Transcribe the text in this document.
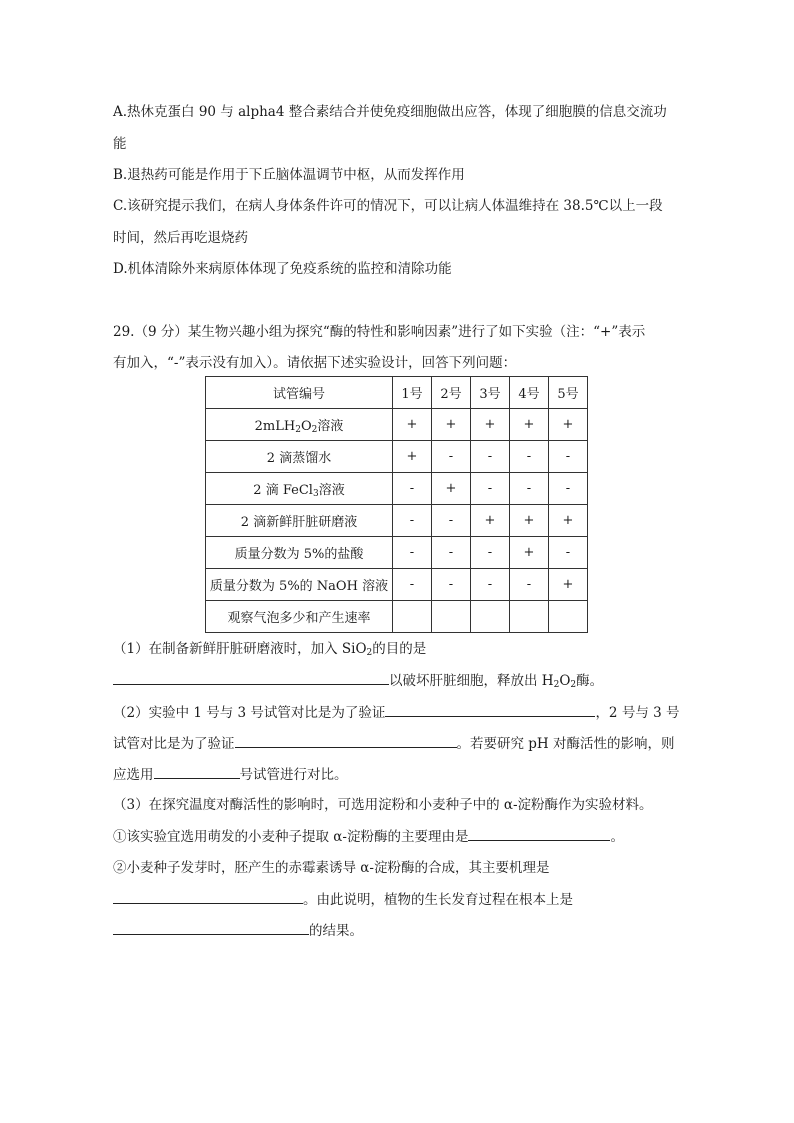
A.热休克蛋白 90 与 alpha4 整合素结合并使免疫细胞做出应答，体现了细胞膜的信息交流功
能
B.退热药可能是作用于下丘脑体温调节中枢，从而发挥作用
C.该研究提示我们，在病人身体条件许可的情况下，可以让病人体温维持在 38.5℃以上一段
时间，然后再吃退烧药
D.机体清除外来病原体体现了免疫系统的监控和清除功能
29.（9 分）某生物兴趣小组为探究“酶的特性和影响因素”进行了如下实验（注：“+”表示
有加入，“-”表示没有加入）。请依据下述实验设计，回答下列问题：
试管编号	1号	2号	3号	4号	5号
$2mLH_2O_2$溶液	+	+	+	+	+
2 滴蒸馏水	+	-	-	-	-
2 滴 FeCl$_3$溶液	-	+	-	-	-
2 滴新鲜肝脏研磨液	-	-	+	+	+
质量分数为 5%的盐酸	-	-	-	+	-
质量分数为 5%的 NaOH 溶液	-	-	-	-	+
观察气泡多少和产生速率					
（1）在制备新鲜肝脏研磨液时，加入 SiO$_2$的目的是
以破坏肝脏细胞，释放出 $H_2O_2$酶。
（2）实验中 1 号与 3 号试管对比是为了验证	，2 号与 3 号
试管对比是为了验证	。若要研究 pH 对酶活性的影响，则
应选用	号试管进行对比。
（3）在探究温度对酶活性的影响时，可选用淀粉和小麦种子中的 α-淀粉酶作为实验材料。
①该实验宜选用萌发的小麦种子提取 α-淀粉酶的主要理由是	。
②小麦种子发芽时，胚产生的赤霉素诱导 α-淀粉酶的合成，其主要机理是
。由此说明，植物的生长发育过程在根本上是
的结果。
